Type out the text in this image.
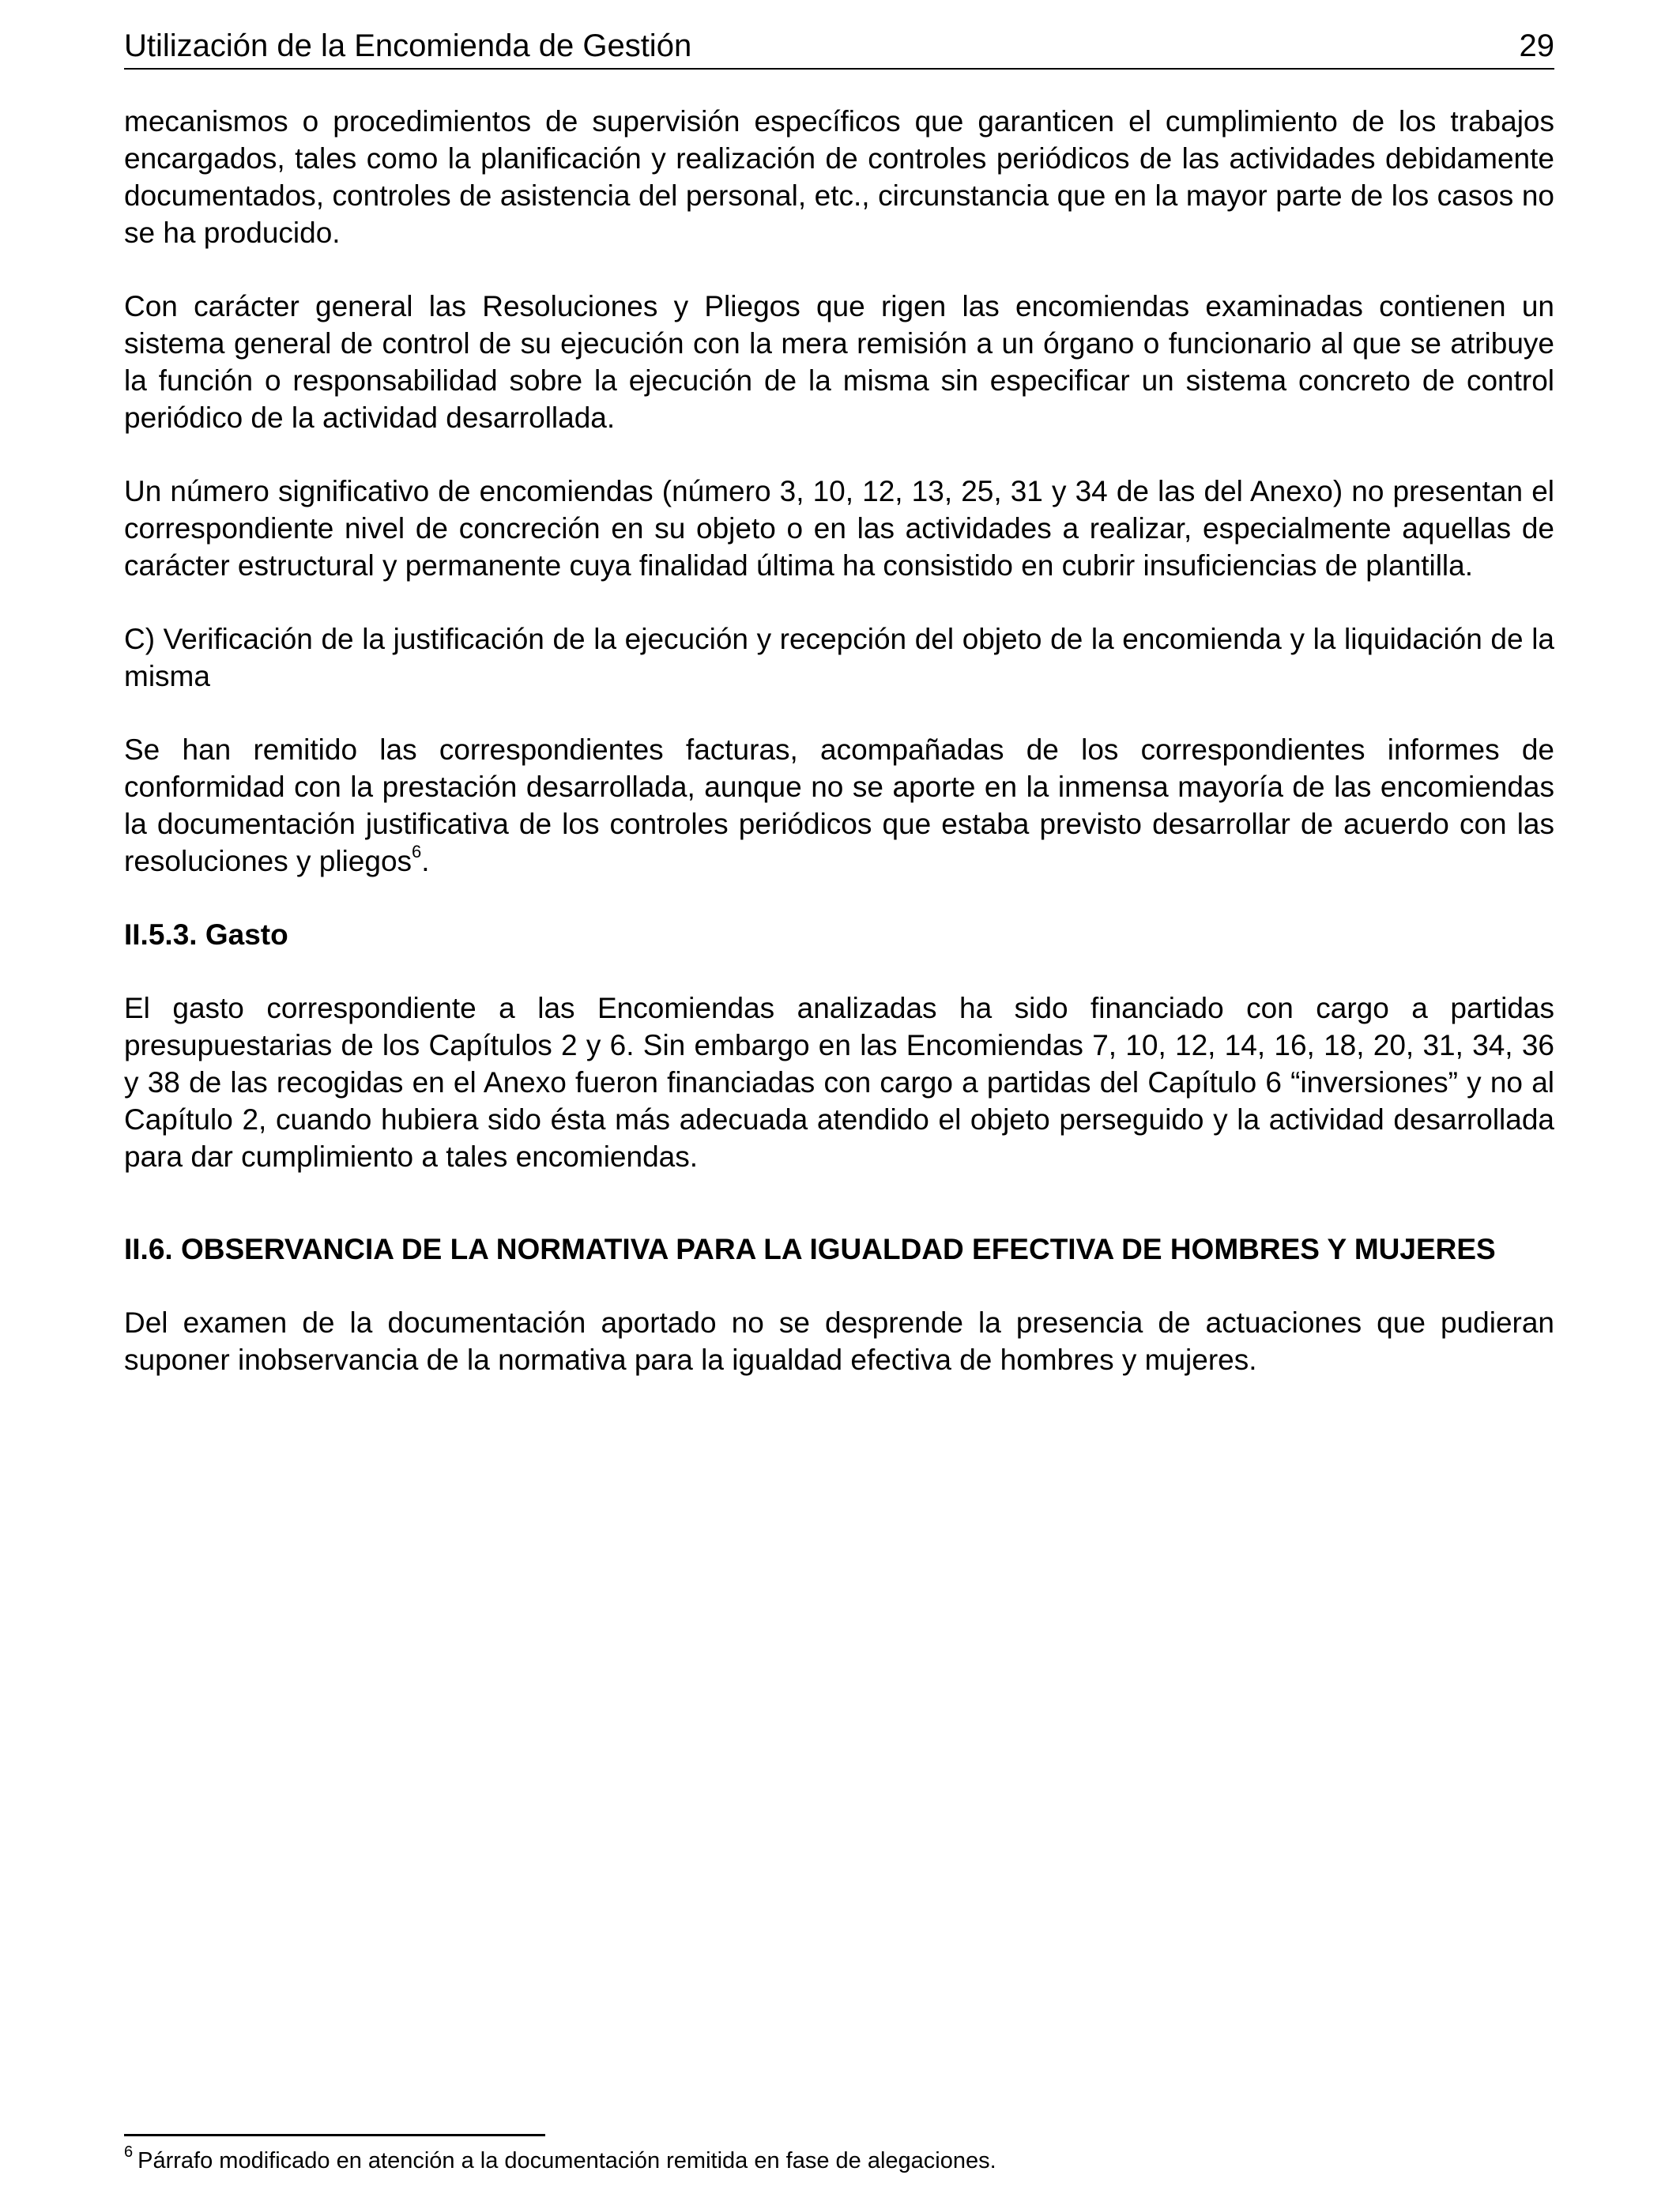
Utilización de la Encomienda de Gestión	29

mecanismos o procedimientos de supervisión específicos que garanticen el cumplimiento de los trabajos encargados, tales como la planificación y realización de controles periódicos de las actividades debidamente documentados, controles de asistencia del personal, etc., circunstancia que en la mayor parte de los casos no se ha producido.

Con carácter general las Resoluciones y Pliegos que rigen las encomiendas examinadas contienen un sistema general de control de su ejecución con la mera remisión a un órgano o funcionario al que se atribuye la función o responsabilidad sobre la ejecución de la misma sin especificar un sistema concreto de control periódico de la actividad desarrollada.

Un número significativo de encomiendas (número 3, 10, 12, 13, 25, 31 y 34 de las del Anexo) no presentan el correspondiente nivel de concreción en su objeto o en las actividades a realizar, especialmente aquellas de carácter estructural y permanente cuya finalidad última ha consistido en cubrir insuficiencias de plantilla.

C) Verificación de la justificación de la ejecución y recepción del objeto de la encomienda y la liquidación de la misma

Se han remitido las correspondientes facturas, acompañadas de los correspondientes informes de conformidad con la prestación desarrollada, aunque no se aporte en la inmensa mayoría de las encomiendas la documentación justificativa de los controles periódicos que estaba previsto desarrollar de acuerdo con las resoluciones y pliegos$^6$.

II.5.3. Gasto

El gasto correspondiente a las Encomiendas analizadas ha sido financiado con cargo a partidas presupuestarias de los Capítulos 2 y 6. Sin embargo en las Encomiendas 7, 10, 12, 14, 16, 18, 20, 31, 34, 36 y 38 de las recogidas en el Anexo fueron financiadas con cargo a partidas del Capítulo 6 “inversiones” y no al Capítulo 2, cuando hubiera sido ésta más adecuada atendido el objeto perseguido y la actividad desarrollada para dar cumplimiento a tales encomiendas.

II.6. OBSERVANCIA DE LA NORMATIVA PARA LA IGUALDAD EFECTIVA DE HOMBRES Y MUJERES

Del examen de la documentación aportado no se desprende la presencia de actuaciones que pudieran suponer inobservancia de la normativa para la igualdad efectiva de hombres y mujeres.

$^6$ Párrafo modificado en atención a la documentación remitida en fase de alegaciones.
